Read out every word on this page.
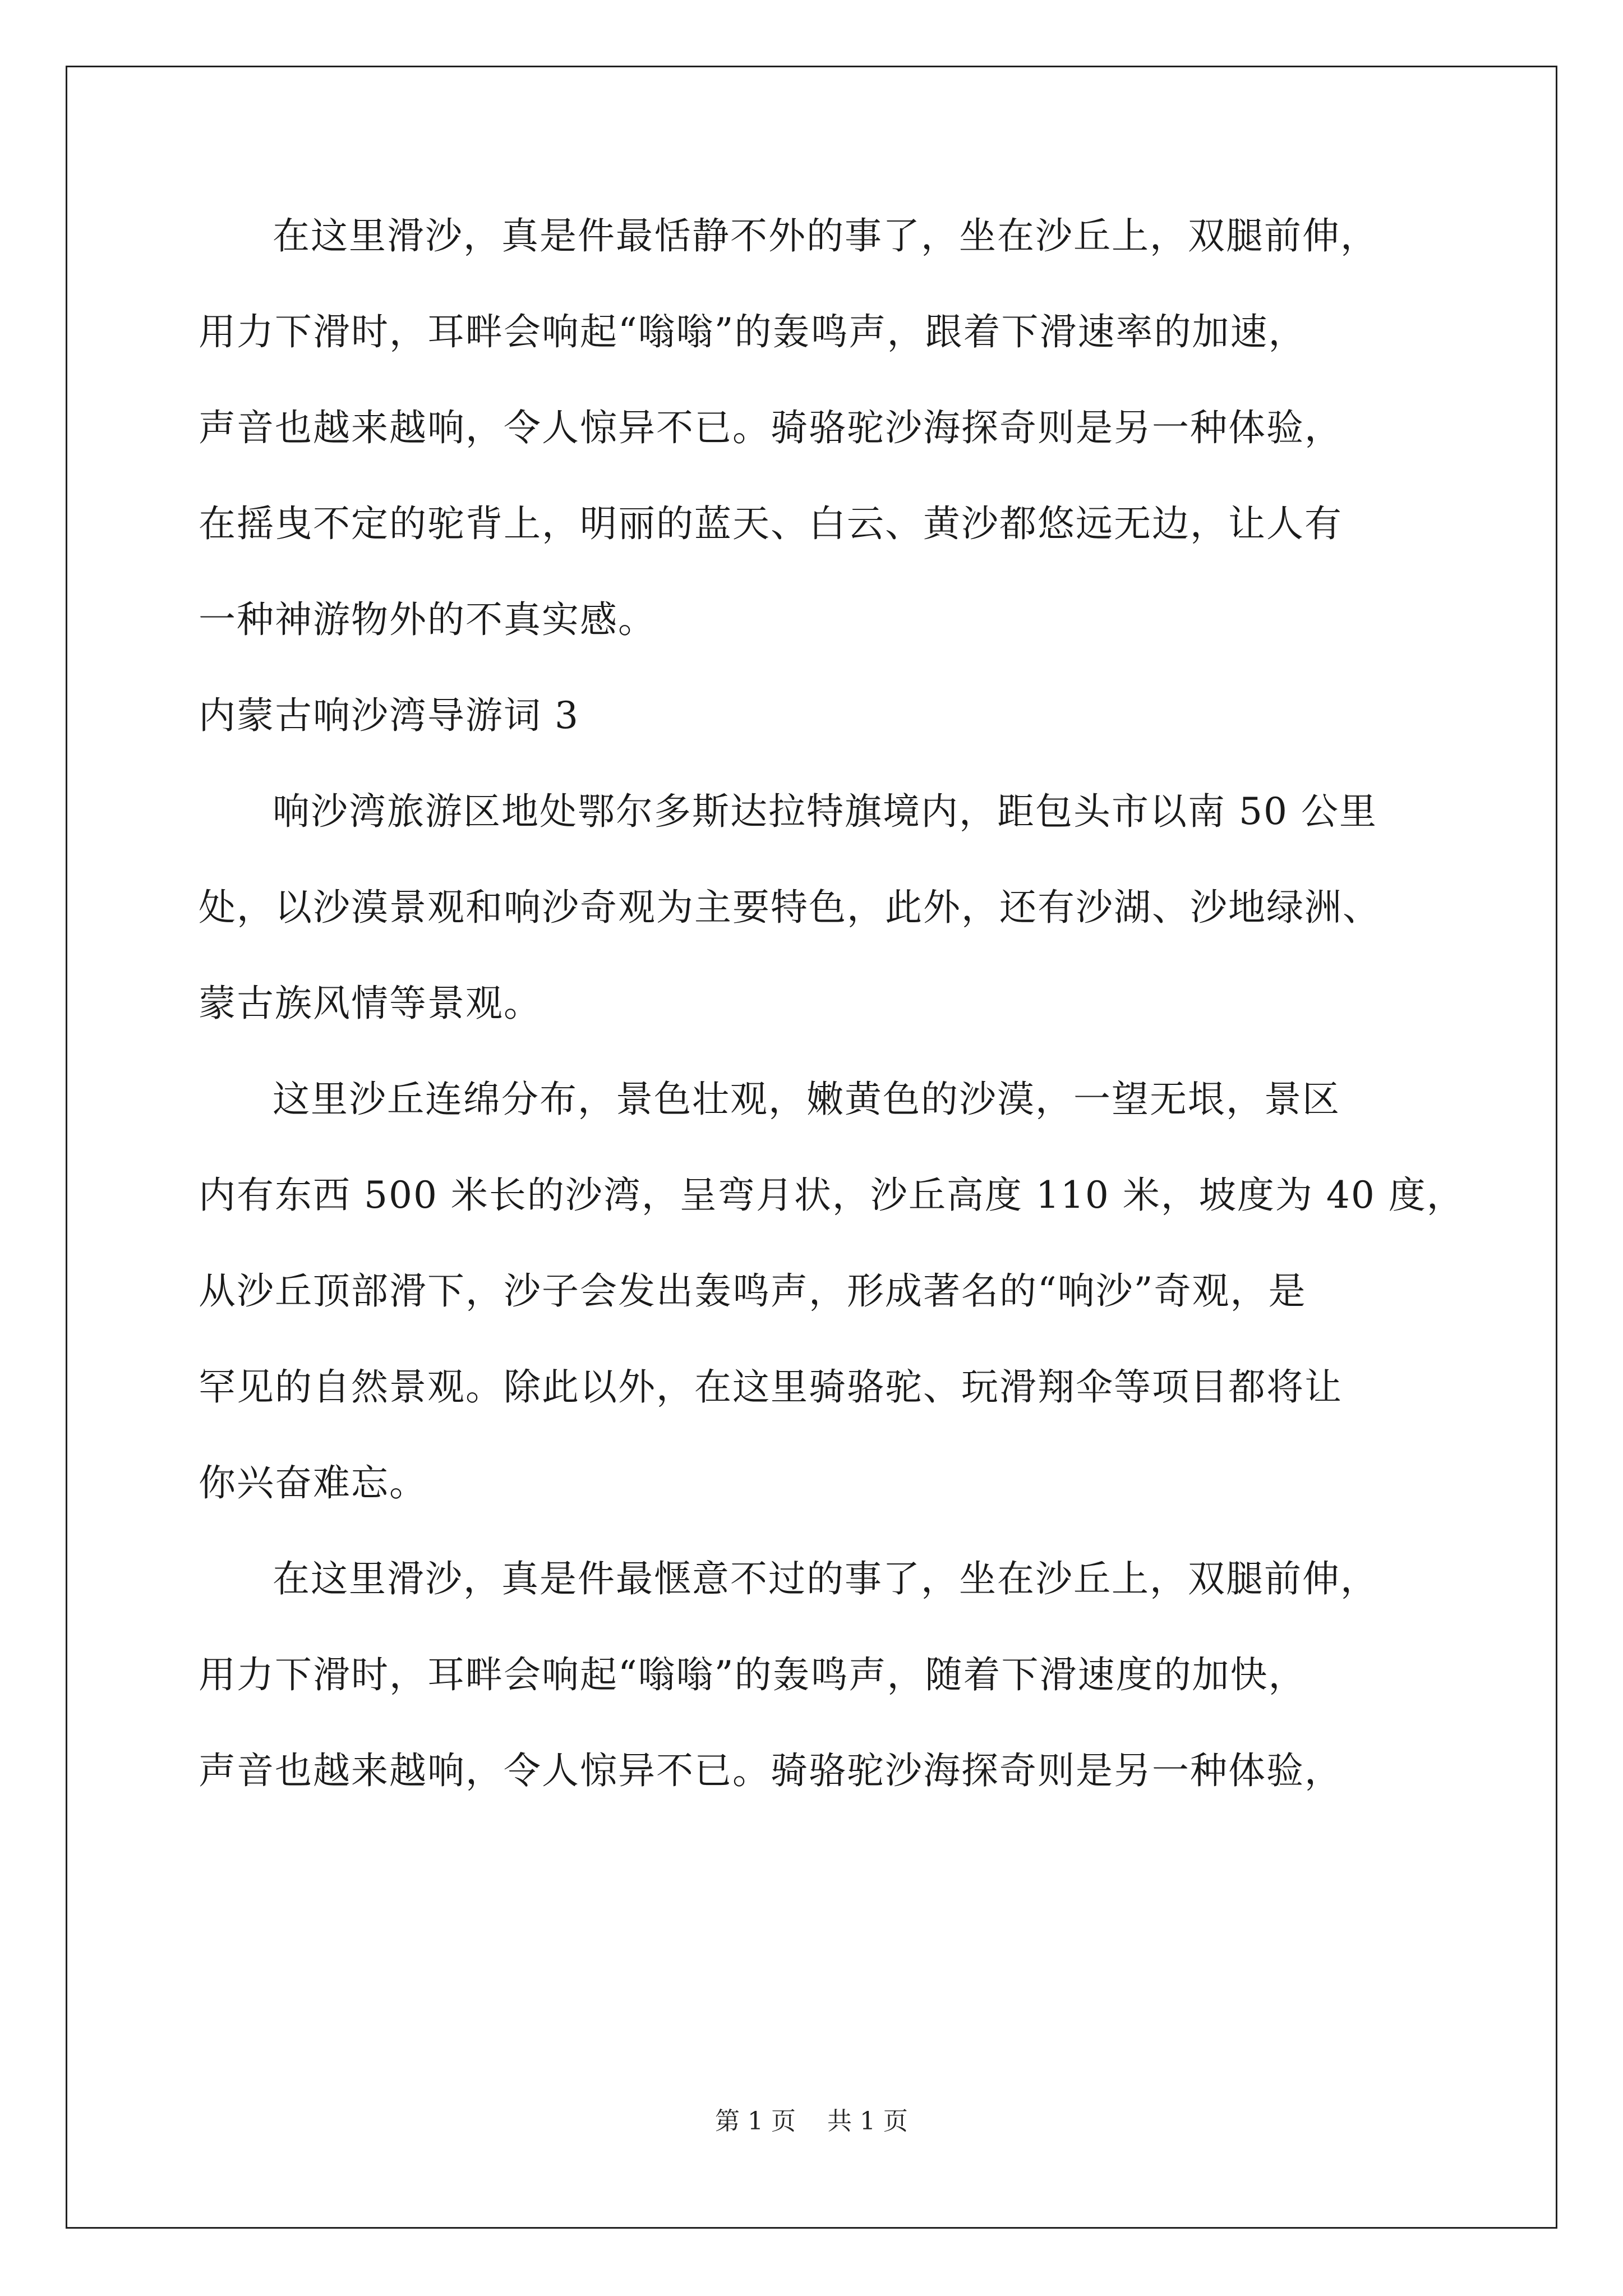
在这里滑沙，真是件最恬静不外的事了，坐在沙丘上，双腿前伸，
用力下滑时，耳畔会响起“嗡嗡”的轰鸣声，跟着下滑速率的加速，
声音也越来越响，令人惊异不已。骑骆驼沙海探奇则是另一种体验，
在摇曳不定的驼背上，明丽的蓝天、白云、黄沙都悠远无边，让人有
一种神游物外的不真实感。
内蒙古响沙湾导游词 3
响沙湾旅游区地处鄂尔多斯达拉特旗境内，距包头市以南 50 公里
处，以沙漠景观和响沙奇观为主要特色，此外，还有沙湖、沙地绿洲、
蒙古族风情等景观。
这里沙丘连绵分布，景色壮观，嫩黄色的沙漠，一望无垠，景区
内有东西 500 米长的沙湾，呈弯月状，沙丘高度 110 米，坡度为 40 度，
从沙丘顶部滑下，沙子会发出轰鸣声，形成著名的“响沙”奇观，是
罕见的自然景观。除此以外，在这里骑骆驼、玩滑翔伞等项目都将让
你兴奋难忘。
在这里滑沙，真是件最惬意不过的事了，坐在沙丘上，双腿前伸，
用力下滑时，耳畔会响起“嗡嗡”的轰鸣声，随着下滑速度的加快，
声音也越来越响，令人惊异不已。骑骆驼沙海探奇则是另一种体验，
第 1 页    共 1 页
